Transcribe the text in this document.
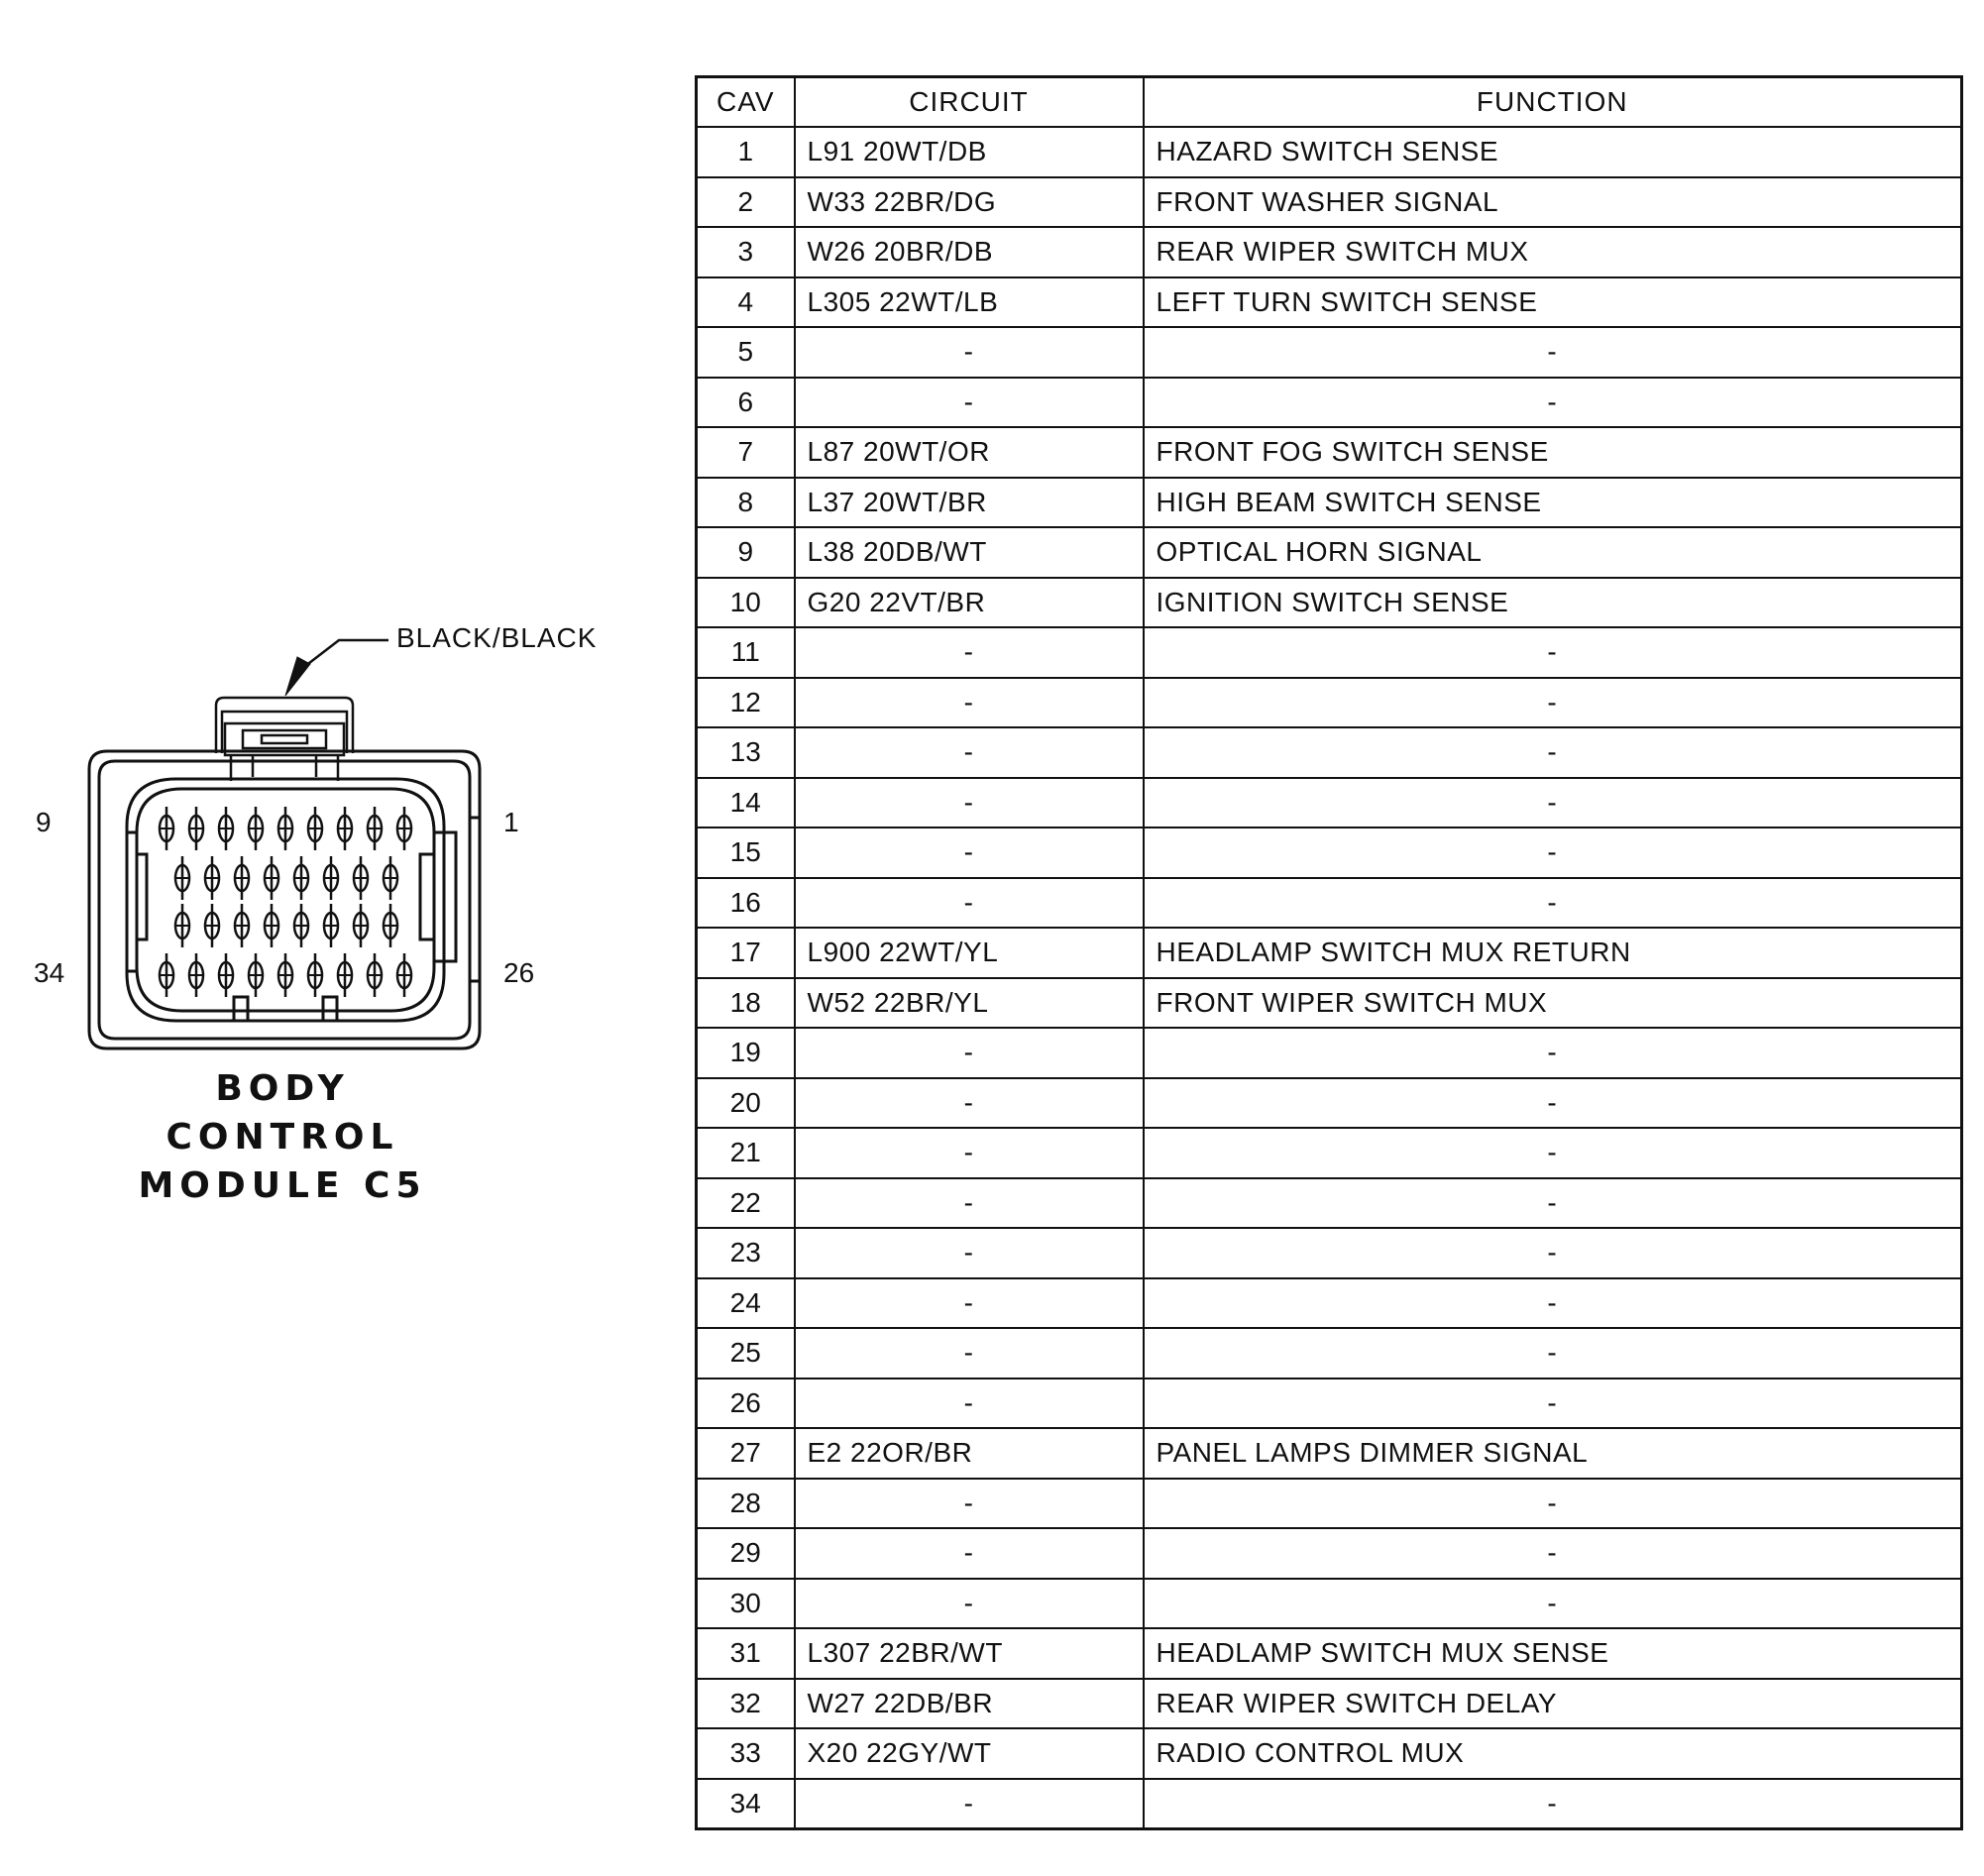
BLACK/BLACK
9	1
34	26
BODY
CONTROL
MODULE C5
CAV	CIRCUIT	FUNCTION
1	L91 20WT/DB	HAZARD SWITCH SENSE
2	W33 22BR/DG	FRONT WASHER SIGNAL
3	W26 20BR/DB	REAR WIPER SWITCH MUX
4	L305 22WT/LB	LEFT TURN SWITCH SENSE
5	-	-
6	-	-
7	L87 20WT/OR	FRONT FOG SWITCH SENSE
8	L37 20WT/BR	HIGH BEAM SWITCH SENSE
9	L38 20DB/WT	OPTICAL HORN SIGNAL
10	G20 22VT/BR	IGNITION SWITCH SENSE
11	-	-
12	-	-
13	-	-
14	-	-
15	-	-
16	-	-
17	L900 22WT/YL	HEADLAMP SWITCH MUX RETURN
18	W52 22BR/YL	FRONT WIPER SWITCH MUX
19	-	-
20	-	-
21	-	-
22	-	-
23	-	-
24	-	-
25	-	-
26	-	-
27	E2 22OR/BR	PANEL LAMPS DIMMER SIGNAL
28	-	-
29	-	-
30	-	-
31	L307 22BR/WT	HEADLAMP SWITCH MUX SENSE
32	W27 22DB/BR	REAR WIPER SWITCH DELAY
33	X20 22GY/WT	RADIO CONTROL MUX
34	-	-
